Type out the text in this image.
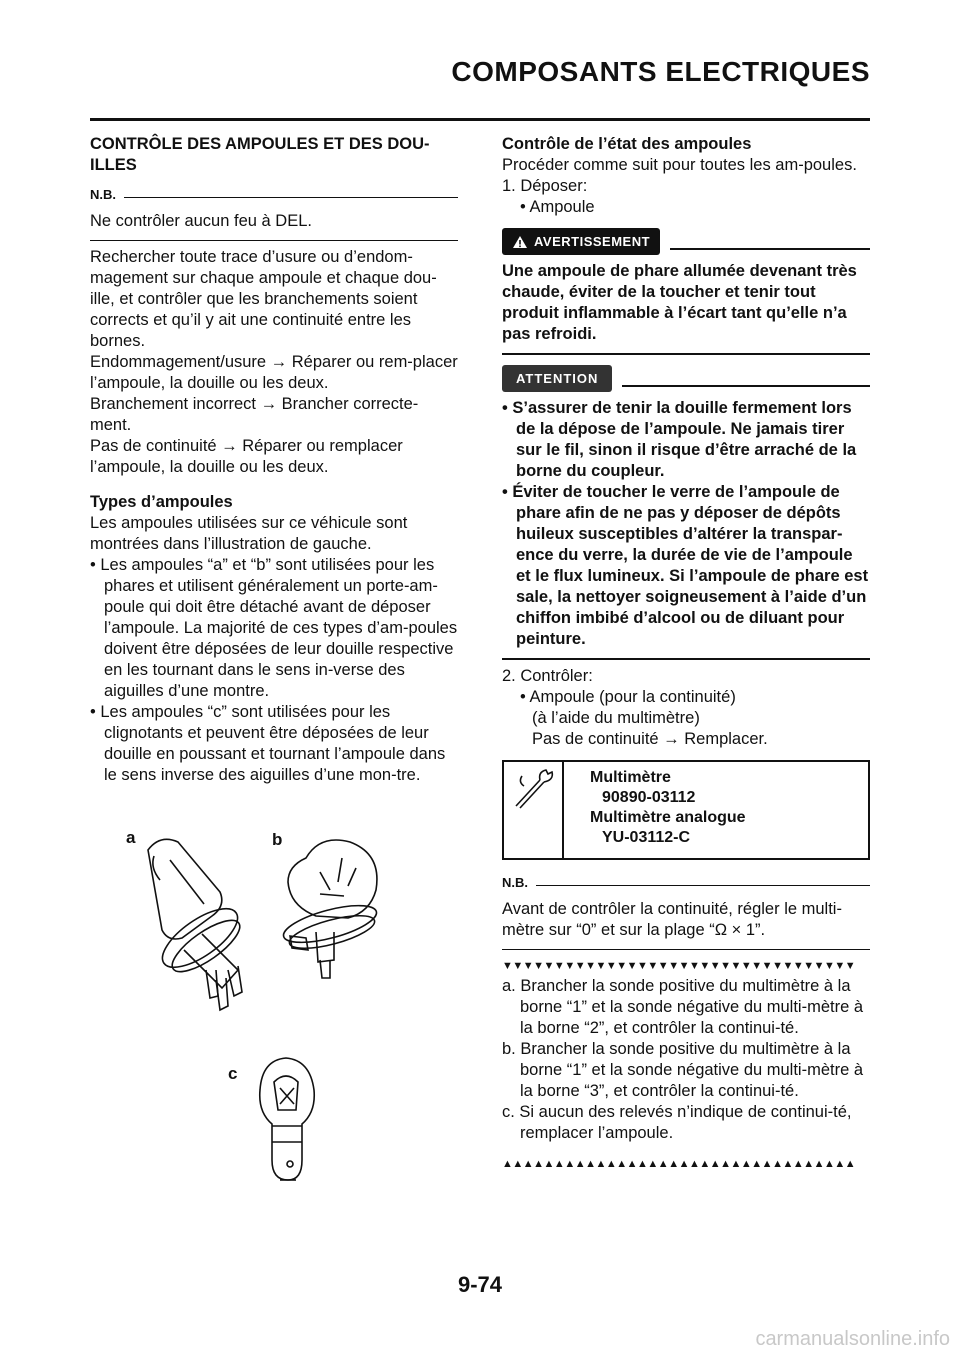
COMPOSANTS ELECTRIQUES
CONTRÔLE DES AMPOULES ET DES DOU-ILLES
N.B.
Ne contrôler aucun feu à DEL.

Rechercher toute trace d’usure ou d’endom-magement sur chaque ampoule et chaque dou-ille, et contrôler que les branchements soient corrects et qu’il y ait une continuité entre les bornes.

Endommagement/usure → Réparer ou rem-placer l’ampoule, la douille ou les deux.

Branchement incorrect → Brancher correcte-ment.

Pas de continuité → Réparer ou remplacer l’ampoule, la douille ou les deux.

Types d’ampoules

Les ampoules utilisées sur ce véhicule sont montrées dans l’illustration de gauche.

• Les ampoules “a” et “b” sont utilisées pour les phares et utilisent généralement un porte-am-poule qui doit être détaché avant de déposer l’ampoule. La majorité de ces types d’am-poules doivent être déposées de leur douille respective en les tournant dans le sens in-verse des aiguilles d’une montre.

• Les ampoules “c” sont utilisées pour les clignotants et peuvent être déposées de leur douille en poussant et tournant l’ampoule dans le sens inverse des aiguilles d’une mon-tre.

a	b
c
Contrôle de l’état des ampoules

Procéder comme suit pour toutes les am-poules.

1. Déposer:

• Ampoule

AVERTISSEMENT
Une ampoule de phare allumée devenant très chaude, éviter de la toucher et tenir tout produit inflammable à l’écart tant qu’elle n’a pas refroidi.
ATTENTION

• S’assurer de tenir la douille fermement lors de la dépose de l’ampoule. Ne jamais tirer sur le fil, sinon il risque d’être arraché de la borne du coupleur.

• Éviter de toucher le verre de l’ampoule de phare afin de ne pas y déposer de dépôts huileux susceptibles d’altérer la transpar-ence du verre, la durée de vie de l’ampoule et le flux lumineux. Si l’ampoule de phare est sale, la nettoyer soigneusement à l’aide d’un chiffon imbibé d’alcool ou de diluant pour peinture.

2. Contrôler:

• Ampoule (pour la continuité)

(à l’aide du multimètre)

Pas de continuité → Remplacer.

Multimètre
90890-03112
Multimètre analogue
YU-03112-C
N.B.
Avant de contrôler la continuité, régler le multi-mètre sur “0” et sur la plage “Ω × 1”.
▼▼▼▼▼▼▼▼▼▼▼▼▼▼▼▼▼▼▼▼▼▼▼▼▼▼▼▼▼▼▼▼▼▼

a. Brancher la sonde positive du multimètre à la borne “1” et la sonde négative du multi-mètre à la borne “2”, et contrôler la continui-té.

b. Brancher la sonde positive du multimètre à la borne “1” et la sonde négative du multi-mètre à la borne “3”, et contrôler la continui-té.

c. Si aucun des relevés n’indique de continui-té, remplacer l’ampoule.

▲▲▲▲▲▲▲▲▲▲▲▲▲▲▲▲▲▲▲▲▲▲▲▲▲▲▲▲▲▲▲▲▲▲
9-74
carmanualsonline.info
